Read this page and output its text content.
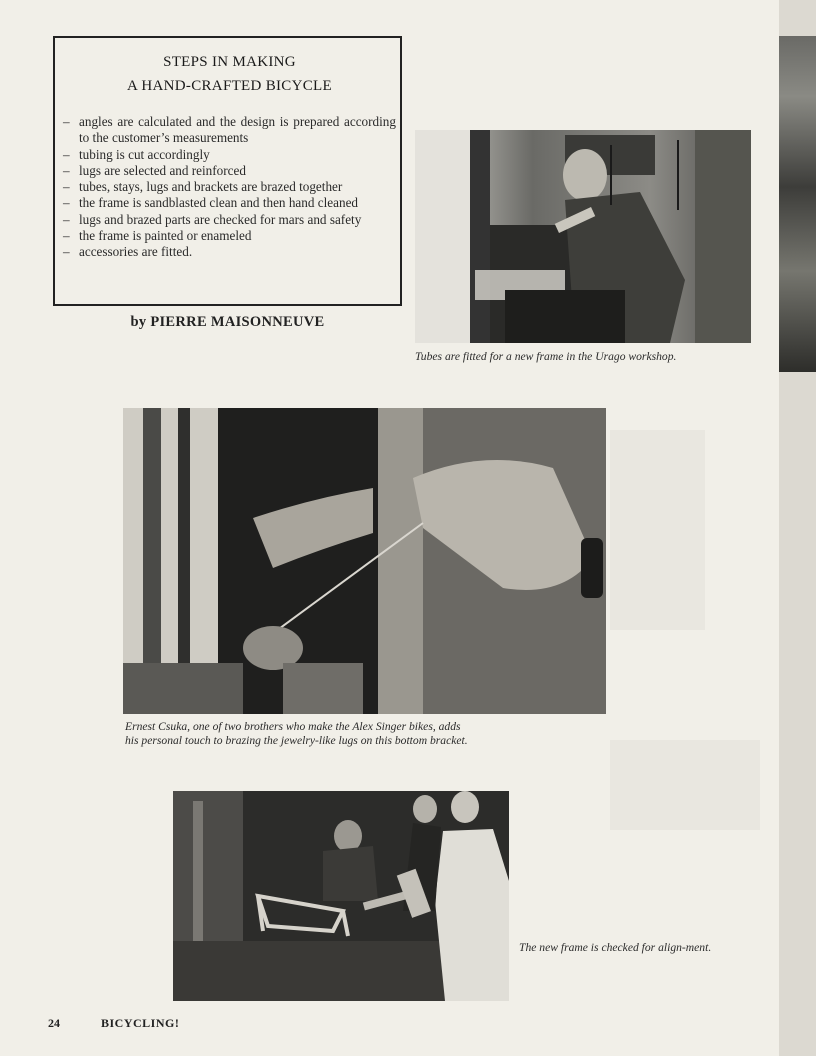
STEPS IN MAKING
A HAND-CRAFTED BICYCLE
– angles are calculated and the design is prepared according to the customer’s measurements
– tubing is cut accordingly
– lugs are selected and reinforced
– tubes, stays, lugs and brackets are brazed together
– the frame is sandblasted clean and then hand cleaned
– lugs and brazed parts are checked for mars and safety
– the frame is painted or enameled
– accessories are fitted.
by PIERRE MAISONNEUVE
Tubes are fitted for a new frame in the Urago workshop.
Ernest Csuka, one of two brothers who make the Alex Singer bikes, adds his personal touch to brazing the jewelry-like lugs on this bottom bracket.
The new frame is checked for align-ment.
24	BICYCLING!
